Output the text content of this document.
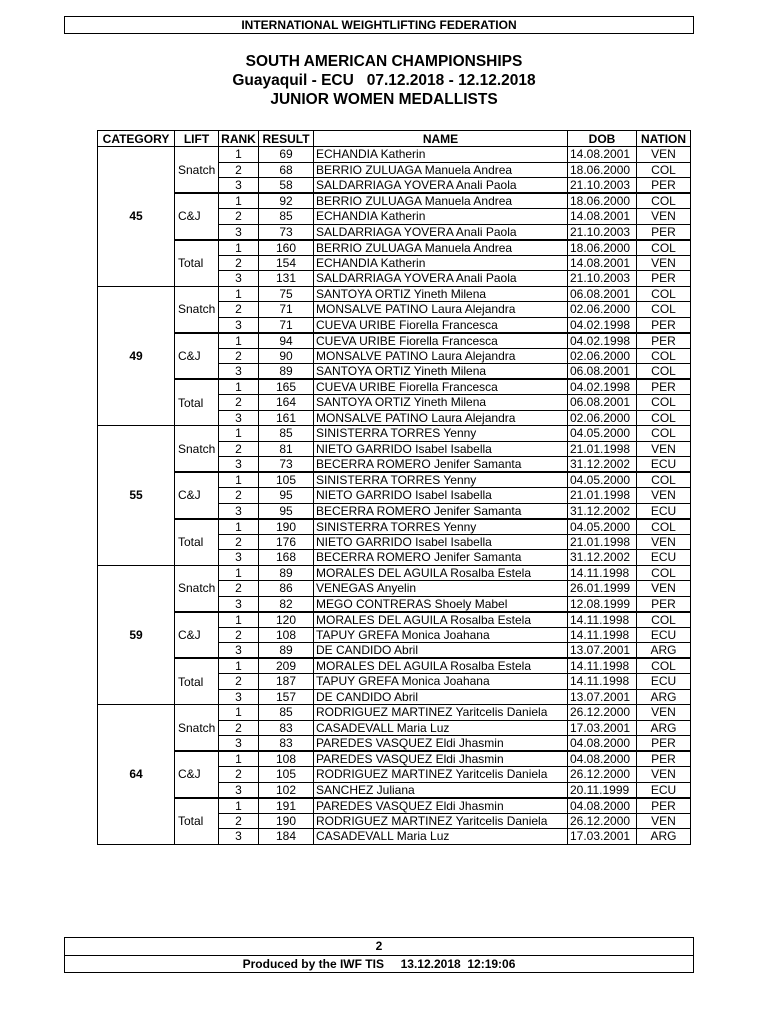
INTERNATIONAL WEIGHTLIFTING FEDERATION
SOUTH AMERICAN CHAMPIONSHIPS
Guayaquil - ECU   07.12.2018 - 12.12.2018
JUNIOR WOMEN MEDALLISTS
CATEGORY	LIFT	RANK	RESULT	NAME	DOB	NATION
45	Snatch	1	69	ECHANDIA Katherin	14.08.2001	VEN
		2	68	BERRIO ZULUAGA Manuela Andrea	18.06.2000	COL
		3	58	SALDARRIAGA YOVERA Anali Paola	21.10.2003	PER
	C&J	1	92	BERRIO ZULUAGA Manuela Andrea	18.06.2000	COL
		2	85	ECHANDIA Katherin	14.08.2001	VEN
		3	73	SALDARRIAGA YOVERA Anali Paola	21.10.2003	PER
	Total	1	160	BERRIO ZULUAGA Manuela Andrea	18.06.2000	COL
		2	154	ECHANDIA Katherin	14.08.2001	VEN
		3	131	SALDARRIAGA YOVERA Anali Paola	21.10.2003	PER
49	Snatch	1	75	SANTOYA ORTIZ Yineth Milena	06.08.2001	COL
		2	71	MONSALVE PATINO Laura Alejandra	02.06.2000	COL
		3	71	CUEVA URIBE Fiorella Francesca	04.02.1998	PER
	C&J	1	94	CUEVA URIBE Fiorella Francesca	04.02.1998	PER
		2	90	MONSALVE PATINO Laura Alejandra	02.06.2000	COL
		3	89	SANTOYA ORTIZ Yineth Milena	06.08.2001	COL
	Total	1	165	CUEVA URIBE Fiorella Francesca	04.02.1998	PER
		2	164	SANTOYA ORTIZ Yineth Milena	06.08.2001	COL
		3	161	MONSALVE PATINO Laura Alejandra	02.06.2000	COL
55	Snatch	1	85	SINISTERRA TORRES Yenny	04.05.2000	COL
		2	81	NIETO GARRIDO Isabel Isabella	21.01.1998	VEN
		3	73	BECERRA ROMERO Jenifer Samanta	31.12.2002	ECU
	C&J	1	105	SINISTERRA TORRES Yenny	04.05.2000	COL
		2	95	NIETO GARRIDO Isabel Isabella	21.01.1998	VEN
		3	95	BECERRA ROMERO Jenifer Samanta	31.12.2002	ECU
	Total	1	190	SINISTERRA TORRES Yenny	04.05.2000	COL
		2	176	NIETO GARRIDO Isabel Isabella	21.01.1998	VEN
		3	168	BECERRA ROMERO Jenifer Samanta	31.12.2002	ECU
59	Snatch	1	89	MORALES DEL AGUILA Rosalba Estela	14.11.1998	COL
		2	86	VENEGAS Anyelin	26.01.1999	VEN
		3	82	MEGO CONTRERAS Shoely Mabel	12.08.1999	PER
	C&J	1	120	MORALES DEL AGUILA Rosalba Estela	14.11.1998	COL
		2	108	TAPUY GREFA Monica Joahana	14.11.1998	ECU
		3	89	DE CANDIDO Abril	13.07.2001	ARG
	Total	1	209	MORALES DEL AGUILA Rosalba Estela	14.11.1998	COL
		2	187	TAPUY GREFA Monica Joahana	14.11.1998	ECU
		3	157	DE CANDIDO Abril	13.07.2001	ARG
64	Snatch	1	85	RODRIGUEZ MARTINEZ Yaritcelis Daniela	26.12.2000	VEN
		2	83	CASADEVALL Maria Luz	17.03.2001	ARG
		3	83	PAREDES VASQUEZ Eldi Jhasmin	04.08.2000	PER
	C&J	1	108	PAREDES VASQUEZ Eldi Jhasmin	04.08.2000	PER
		2	105	RODRIGUEZ MARTINEZ Yaritcelis Daniela	26.12.2000	VEN
		3	102	SANCHEZ Juliana	20.11.1999	ECU
	Total	1	191	PAREDES VASQUEZ Eldi Jhasmin	04.08.2000	PER
		2	190	RODRIGUEZ MARTINEZ Yaritcelis Daniela	26.12.2000	VEN
		3	184	CASADEVALL Maria Luz	17.03.2001	ARG
2
Produced by the IWF TIS 13.12.2018  12:19:06
